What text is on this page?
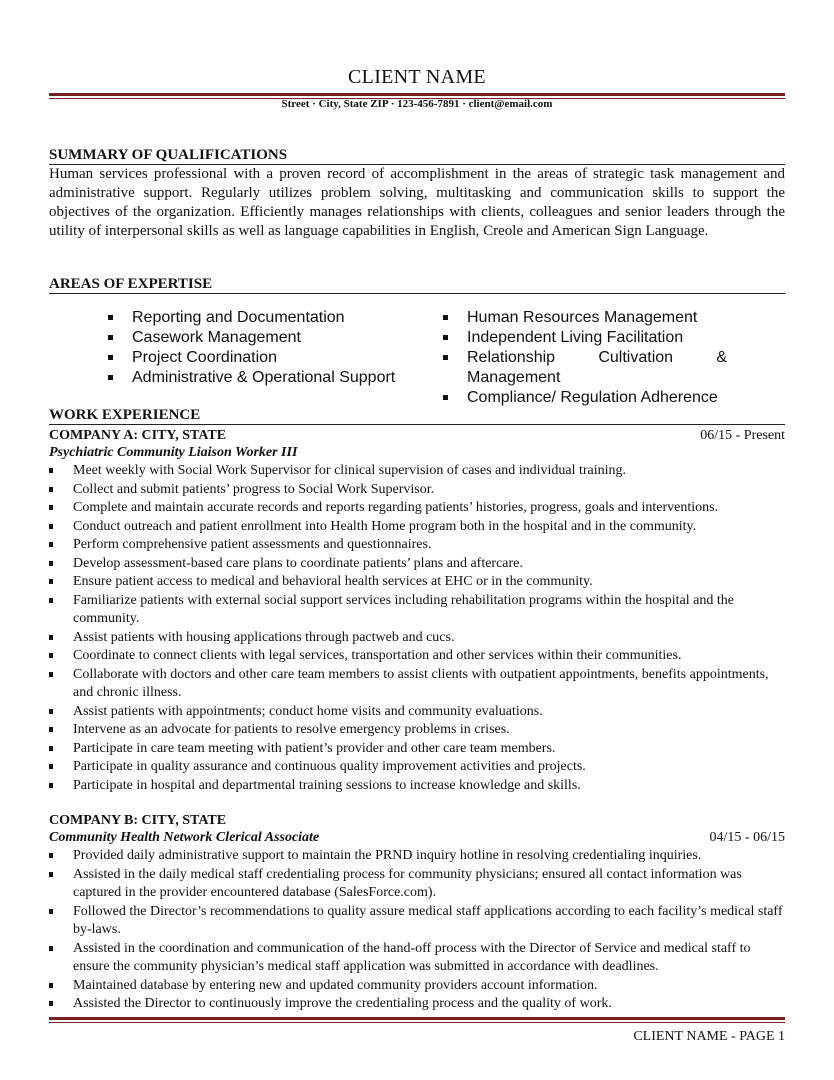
CLIENT NAME
Street · City, State ZIP · 123-456-7891 · client@email.com
SUMMARY OF QUALIFICATIONS
Human services professional with a proven record of accomplishment in the areas of strategic task management and administrative support. Regularly utilizes problem solving, multitasking and communication skills to support the objectives of the organization. Efficiently manages relationships with clients, colleagues and senior leaders through the utility of interpersonal skills as well as language capabilities in English, Creole and American Sign Language.
AREAS OF EXPERTISE
Reporting and Documentation
Casework Management
Project Coordination
Administrative & Operational Support
Human Resources Management
Independent Living Facilitation
Relationship Cultivation & Management
Compliance/ Regulation Adherence
WORK EXPERIENCE
COMPANY A: CITY, STATE	06/15 - Present
Psychiatric Community Liaison Worker III
Meet weekly with Social Work Supervisor for clinical supervision of cases and individual training.
Collect and submit patients’ progress to Social Work Supervisor.
Complete and maintain accurate records and reports regarding patients’ histories, progress, goals and interventions.
Conduct outreach and patient enrollment into Health Home program both in the hospital and in the community.
Perform comprehensive patient assessments and questionnaires.
Develop assessment-based care plans to coordinate patients’ plans and aftercare.
Ensure patient access to medical and behavioral health services at EHC or in the community.
Familiarize patients with external social support services including rehabilitation programs within the hospital and the community.
Assist patients with housing applications through pactweb and cucs.
Coordinate to connect clients with legal services, transportation and other services within their communities.
Collaborate with doctors and other care team members to assist clients with outpatient appointments, benefits appointments, and chronic illness.
Assist patients with appointments; conduct home visits and community evaluations.
Intervene as an advocate for patients to resolve emergency problems in crises.
Participate in care team meeting with patient’s provider and other care team members.
Participate in quality assurance and continuous quality improvement activities and projects.
Participate in hospital and departmental training sessions to increase knowledge and skills.
COMPANY B: CITY, STATE
Community Health Network Clerical Associate	04/15 - 06/15
Provided daily administrative support to maintain the PRND inquiry hotline in resolving credentialing inquiries.
Assisted in the daily medical staff credentialing process for community physicians; ensured all contact information was captured in the provider encountered database (SalesForce.com).
Followed the Director’s recommendations to quality assure medical staff applications according to each facility’s medical staff by-laws.
Assisted in the coordination and communication of the hand-off process with the Director of Service and medical staff to ensure the community physician’s medical staff application was submitted in accordance with deadlines.
Maintained database by entering new and updated community providers account information.
Assisted the Director to continuously improve the credentialing process and the quality of work.
CLIENT NAME - PAGE 1
